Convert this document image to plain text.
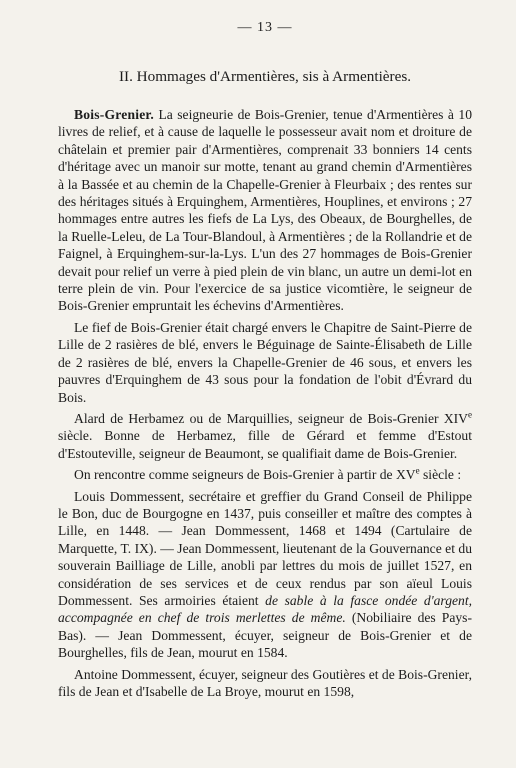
— 13 —
II. Hommages d'Armentières, sis à Armentières.

Bois-Grenier. La seigneurie de Bois-Grenier, tenue d'Armentières à 10 livres de relief, et à cause de laquelle le possesseur avait nom et droiture de châtelain et premier pair d'Armentières, comprenait 33 bonniers 14 cents d'héritage avec un manoir sur motte, tenant au grand chemin d'Armentières à la Bassée et au chemin de la Chapelle-Grenier à Fleurbaix ; des rentes sur des héritages situés à Erquinghem, Armentières, Houplines, et environs ; 27 hommages entre autres les fiefs de La Lys, des Obeaux, de Bourghelles, de la Ruelle-Leleu, de La Tour-Blandoul, à Armentières ; de la Rollandrie et de Faignel, à Erquinghem-sur-la-Lys. L'un des 27 hommages de Bois-Grenier devait pour relief un verre à pied plein de vin blanc, un autre un demi-lot en terre plein de vin. Pour l'exercice de sa justice vicomtière, le seigneur de Bois-Grenier empruntait les échevins d'Armentières.

Le fief de Bois-Grenier était chargé envers le Chapitre de Saint-Pierre de Lille de 2 rasières de blé, envers le Béguinage de Sainte-Élisabeth de Lille de 2 rasières de blé, envers la Chapelle-Grenier de 46 sous, et envers les pauvres d'Erquinghem de 43 sous pour la fondation de l'obit d'Évrard du Bois.

Alard de Herbamez ou de Marquillies, seigneur de Bois-Grenier XIVe siècle. Bonne de Herbamez, fille de Gérard et femme d'Estout d'Estouteville, seigneur de Beaumont, se qualifiait dame de Bois-Grenier.

On rencontre comme seigneurs de Bois-Grenier à partir de XVe siècle :

Louis Dommessent, secrétaire et greffier du Grand Conseil de Philippe le Bon, duc de Bourgogne en 1437, puis conseiller et maître des comptes à Lille, en 1448. — Jean Dommessent, 1468 et 1494 (Cartulaire de Marquette, T. IX). — Jean Dommessent, lieutenant de la Gouvernance et du souverain Bailliage de Lille, anobli par lettres du mois de juillet 1527, en considération de ses services et de ceux rendus par son aïeul Louis Dommessent. Ses armoiries étaient de sable à la fasce ondée d'argent, accompagnée en chef de trois merlettes de même. (Nobiliaire des Pays-Bas). — Jean Dommessent, écuyer, seigneur de Bois-Grenier et de Bourghelles, fils de Jean, mourut en 1584.

Antoine Dommessent, écuyer, seigneur des Goutières et de Bois-Grenier, fils de Jean et d'Isabelle de La Broye, mourut en 1598,
